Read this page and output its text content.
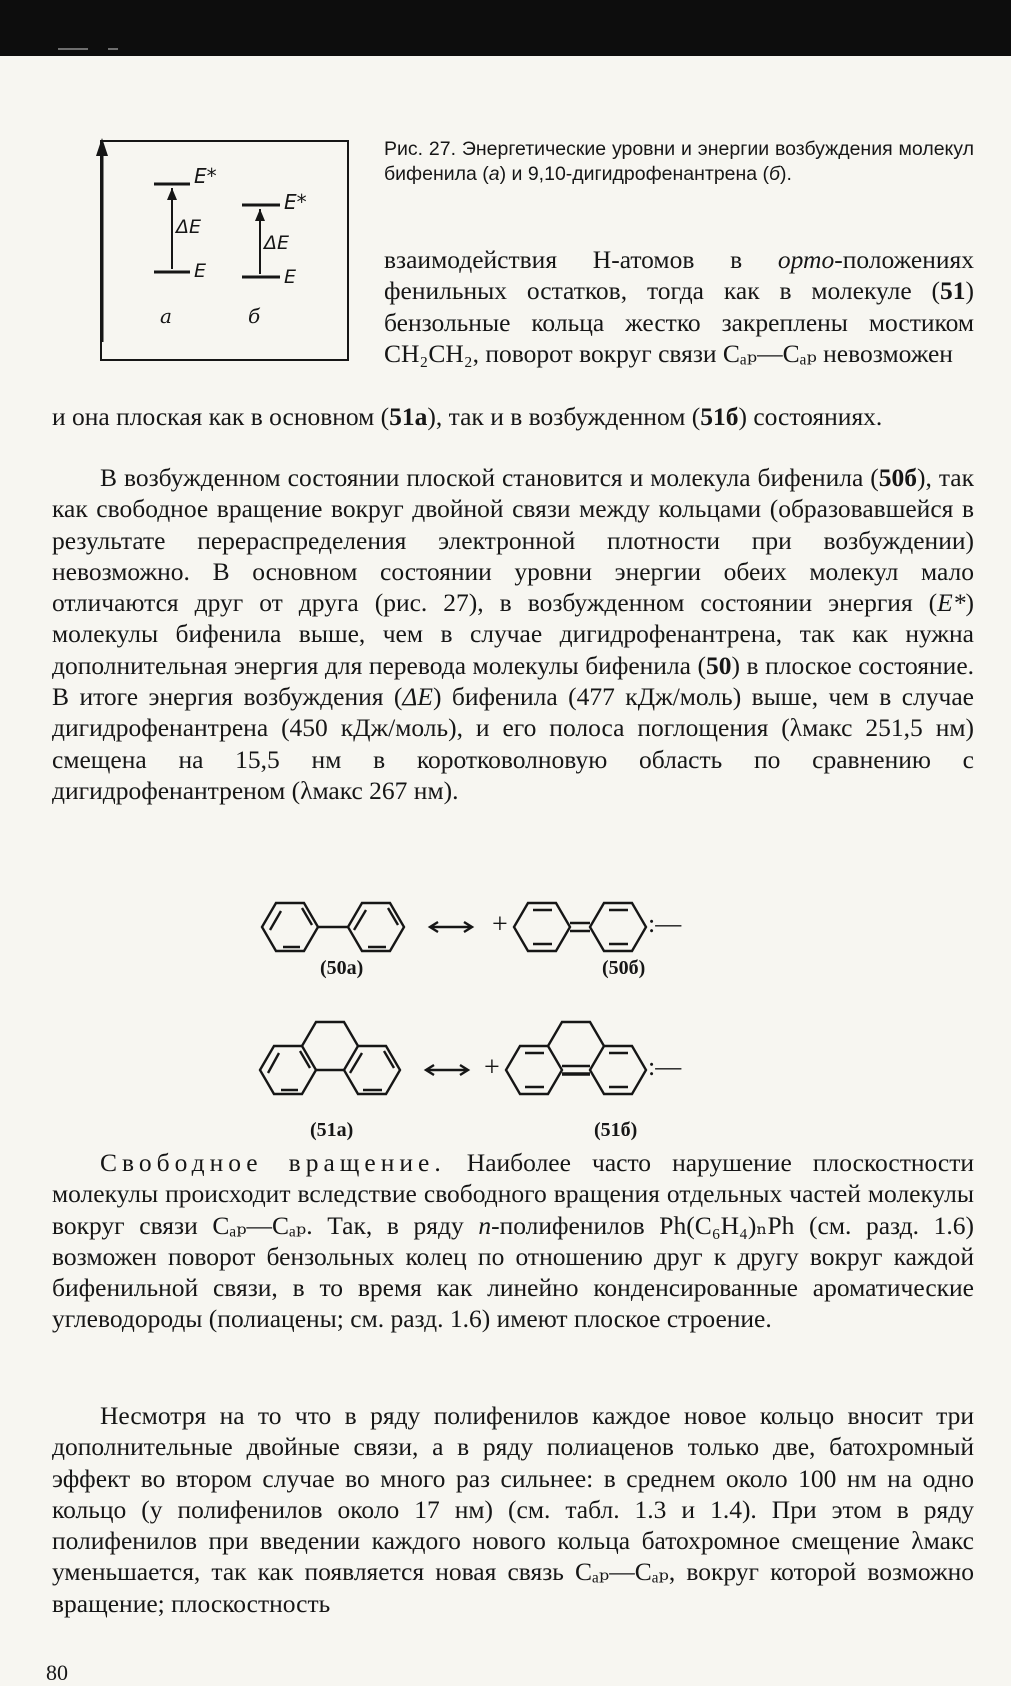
E*
ΔE
E
а
E*
ΔE
E
б

Рис. 27. Энергетические уровни и энергии возбуждения молекул бифенила (а) и 9,10-дигидрофенантрена (б).

взаимодействия Н-атомов в орто-положениях фенильных остатков, тогда как в молекуле (51) бензольные кольца жестко закреплены мостиком CH₂CH₂, поворот вокруг связи Cₐₚ—Cₐₚ невозможен

и она плоская как в основном (51а), так и в возбужденном (51б) состояниях.

В возбужденном состоянии плоской становится и молекула бифенила (50б), так как свободное вращение вокруг двойной связи между кольцами (образовавшейся в результате перераспределения электронной плотности при возбуждении) невозможно. В основном состоянии уровни энергии обеих молекул мало отличаются друг от друга (рис. 27), в возбужденном состоянии энергия (E*) молекулы бифенила выше, чем в случае дигидрофенантрена, так как нужна дополнительная энергия для перевода молекулы бифенила (50) в плоское состояние. В итоге энергия возбуждения (ΔE) бифенила (477 кДж/моль) выше, чем в случае дигидрофенантрена (450 кДж/моль), и его полоса поглощения (λмакс 251,5 нм) смещена на 15,5 нм в коротковолновую область по сравнению с дигидрофенантреном (λмакс 267 нм).

(50а)	(50б)
(51а)	(51б)
+	:—
+	:—

Свободное вращение. Наиболее часто нарушение плоскостности молекулы происходит вследствие свободного вращения отдельных частей молекулы вокруг связи Cₐₚ—Cₐₚ. Так, в ряду n-полифенилов Ph(C₆H₄)ₙPh (см. разд. 1.6) возможен поворот бензольных колец по отношению друг к другу вокруг каждой бифенильной связи, в то время как линейно конденсированные ароматические углеводороды (полиацены; см. разд. 1.6) имеют плоское строение.

Несмотря на то что в ряду полифенилов каждое новое кольцо вносит три дополнительные двойные связи, а в ряду полиаценов только две, батохромный эффект во втором случае во много раз сильнее: в среднем около 100 нм на одно кольцо (у полифенилов около 17 нм) (см. табл. 1.3 и 1.4). При этом в ряду полифенилов при введении каждого нового кольца батохромное смещение λмакс уменьшается, так как появляется новая связь Cₐₚ—Cₐₚ, вокруг которой возможно вращение; плоскостность

80
